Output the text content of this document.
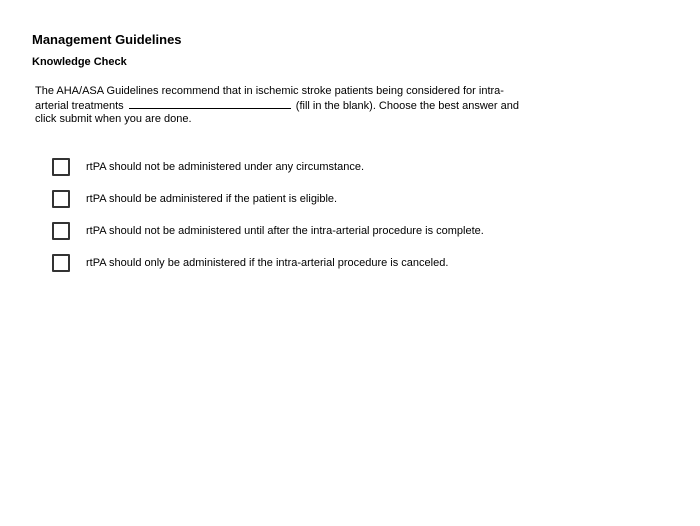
Management Guidelines
Knowledge Check

The AHA/ASA Guidelines recommend that in ischemic stroke patients being considered for intra-arterial treatments	(fill in the blank). Choose the best answer and click submit when you are done.

rtPA should not be administered under any circumstance.
rtPA should be administered if the patient is eligible.
rtPA should not be administered until after the intra-arterial procedure is complete.
rtPA should only be administered if the intra-arterial procedure is canceled.
